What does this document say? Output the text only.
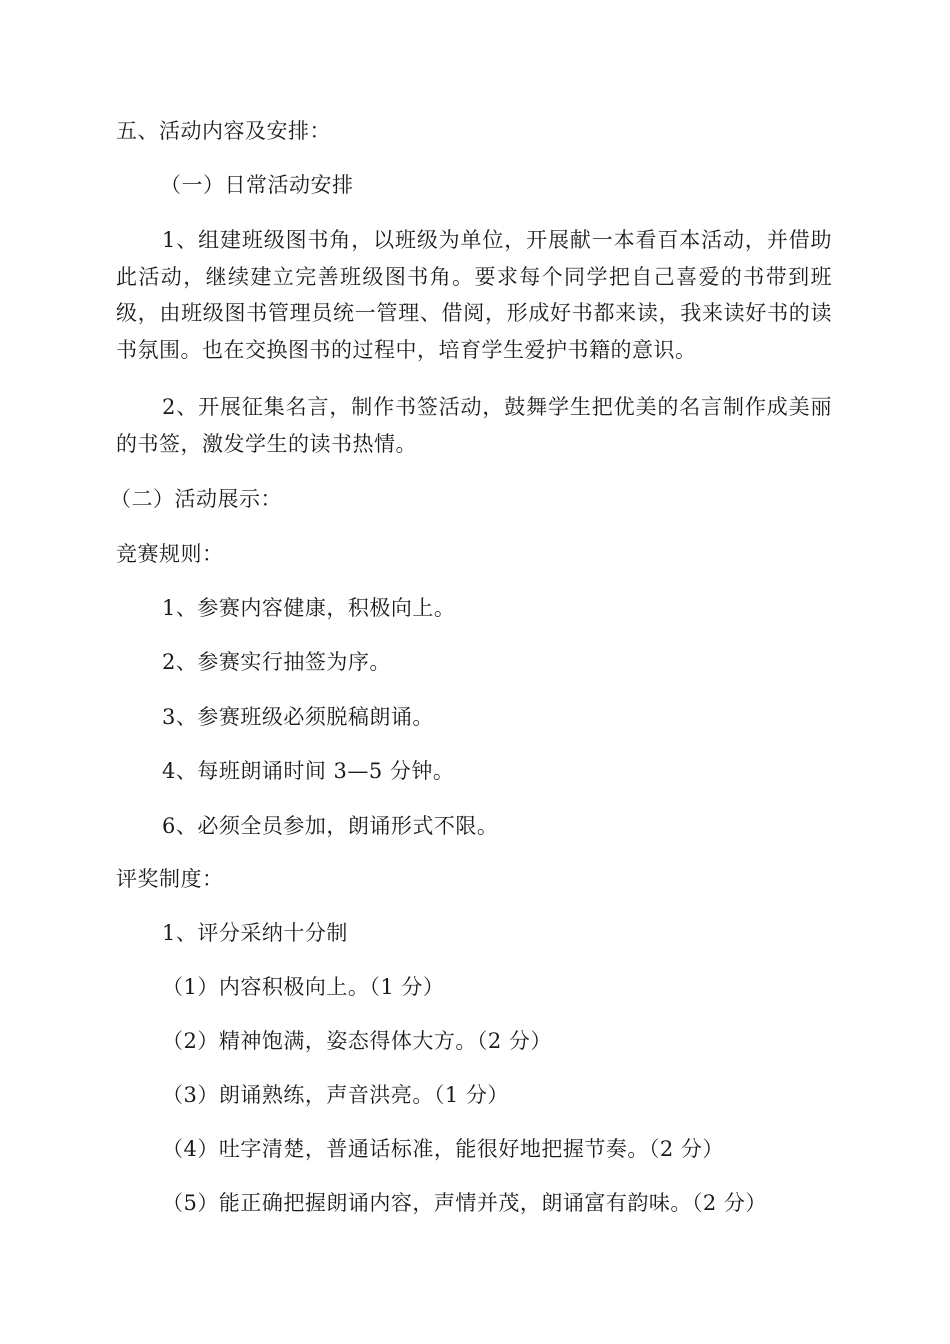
五、活动内容及安排：
（一）日常活动安排
1、组建班级图书角，以班级为单位，开展献一本看百本活动，并借助此活动，继续建立完善班级图书角。要求每个同学把自己喜爱的书带到班级，由班级图书管理员统一管理、借阅，形成好书都来读，我来读好书的读书氛围。也在交换图书的过程中，培育学生爱护书籍的意识。
2、开展征集名言，制作书签活动，鼓舞学生把优美的名言制作成美丽的书签，激发学生的读书热情。
（二）活动展示：
竞赛规则：
1、参赛内容健康，积极向上。
2、参赛实行抽签为序。
3、参赛班级必须脱稿朗诵。
4、每班朗诵时间 3—5 分钟。
6、必须全员参加，朗诵形式不限。
评奖制度：
1、评分采纳十分制
（1）内容积极向上。（1 分）
（2）精神饱满，姿态得体大方。（2 分）
（3）朗诵熟练，声音洪亮。（1 分）
（4）吐字清楚，普通话标准，能很好地把握节奏。（2 分）
（5）能正确把握朗诵内容，声情并茂，朗诵富有韵味。（2 分）
